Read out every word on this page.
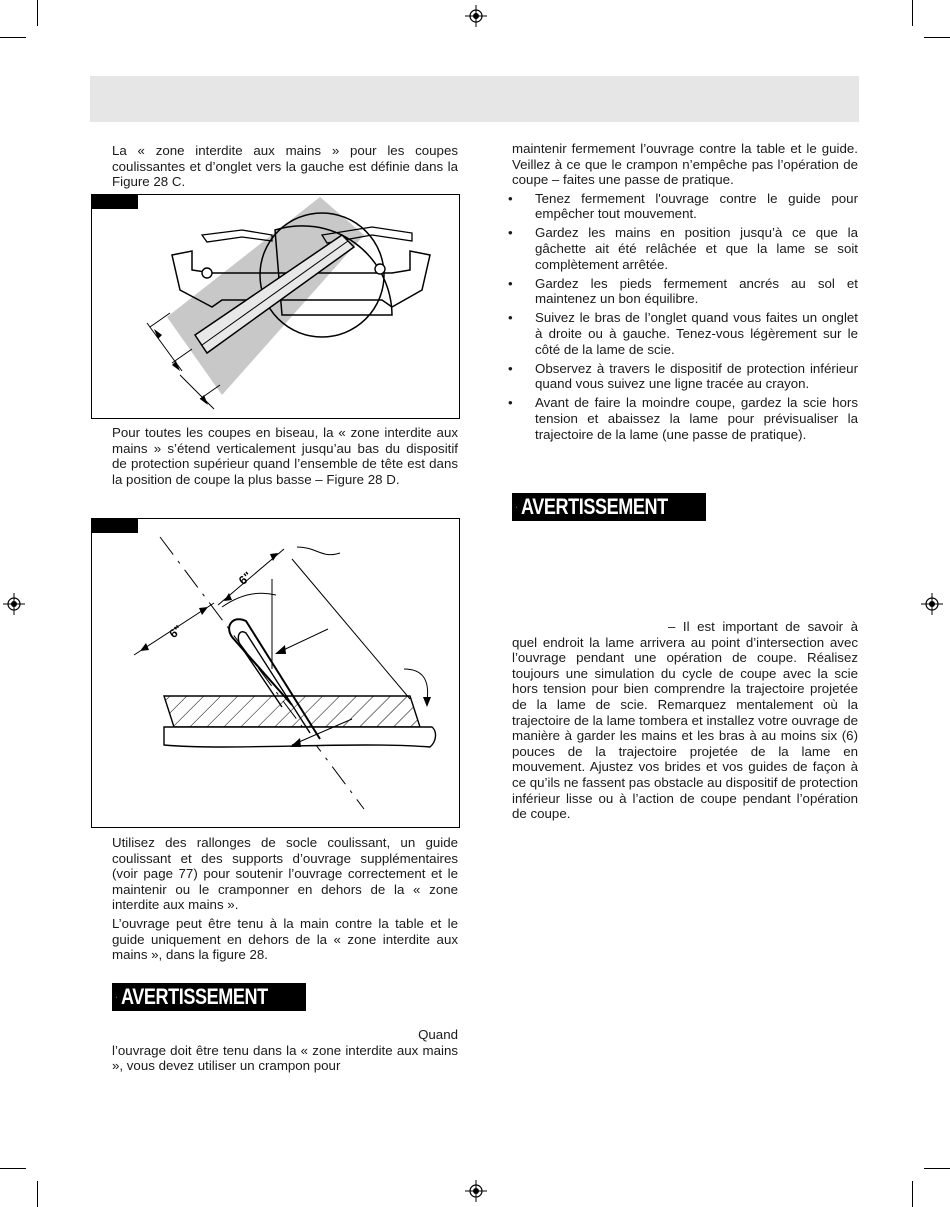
La « zone interdite aux mains » pour les coupes coulissantes et d’onglet vers la gauche est définie dans la Figure 28 C.

Pour toutes les coupes en biseau, la « zone interdite aux mains » s’étend verticalement jusqu’au bas du dispositif de protection supérieur quand l’ensemble de tête est dans la position de coupe la plus basse – Figure 28 D.

6"
6"

Utilisez des rallonges de socle coulissant, un guide coulissant et des supports d’ouvrage supplémentaires (voir page 77) pour soutenir l’ouvrage correctement et le maintenir ou le cramponner en dehors de la « zone interdite aux mains ».

L’ouvrage peut être tenu à la main contre la table et le guide uniquement en dehors de la « zone interdite aux mains », dans la figure 28.

AVERTISSEMENT

Quand

l’ouvrage doit être tenu dans la « zone interdite aux mains », vous devez utiliser un crampon pour

maintenir fermement l’ouvrage contre la table et le guide. Veillez à ce que le crampon n’empêche pas l’opération de coupe – faites une passe de pratique.

• Tenez fermement l'ouvrage contre le guide pour empêcher tout mouvement.
• Gardez les mains en position jusqu’à ce que la gâchette ait été relâchée et que la lame se soit complètement arrêtée.
• Gardez les pieds fermement ancrés au sol et maintenez un bon équilibre.
• Suivez le bras de l’onglet quand vous faites un onglet à droite ou à gauche. Tenez-vous légèrement sur le côté de la lame de scie.
• Observez à travers le dispositif de protection inférieur quand vous suivez une ligne tracée au crayon.
• Avant de faire la moindre coupe, gardez la scie hors tension et abaissez la lame pour prévisualiser la trajectoire de la lame (une passe de pratique).
AVERTISSEMENT

– Il est important de savoir à quel endroit la lame arrivera au point d’intersection avec l’ouvrage pendant une opération de coupe. Réalisez toujours une simulation du cycle de coupe avec la scie hors tension pour bien comprendre la trajectoire projetée de la lame de scie. Remarquez mentalement où la trajectoire de la lame tombera et installez votre ouvrage de manière à garder les mains et les bras à au moins six (6) pouces de la trajectoire projetée de la lame en mouvement. Ajustez vos brides et vos guides de façon à ce qu’ils ne fassent pas obstacle au dispositif de protection inférieur lisse ou à l’action de coupe pendant l’opération de coupe.
